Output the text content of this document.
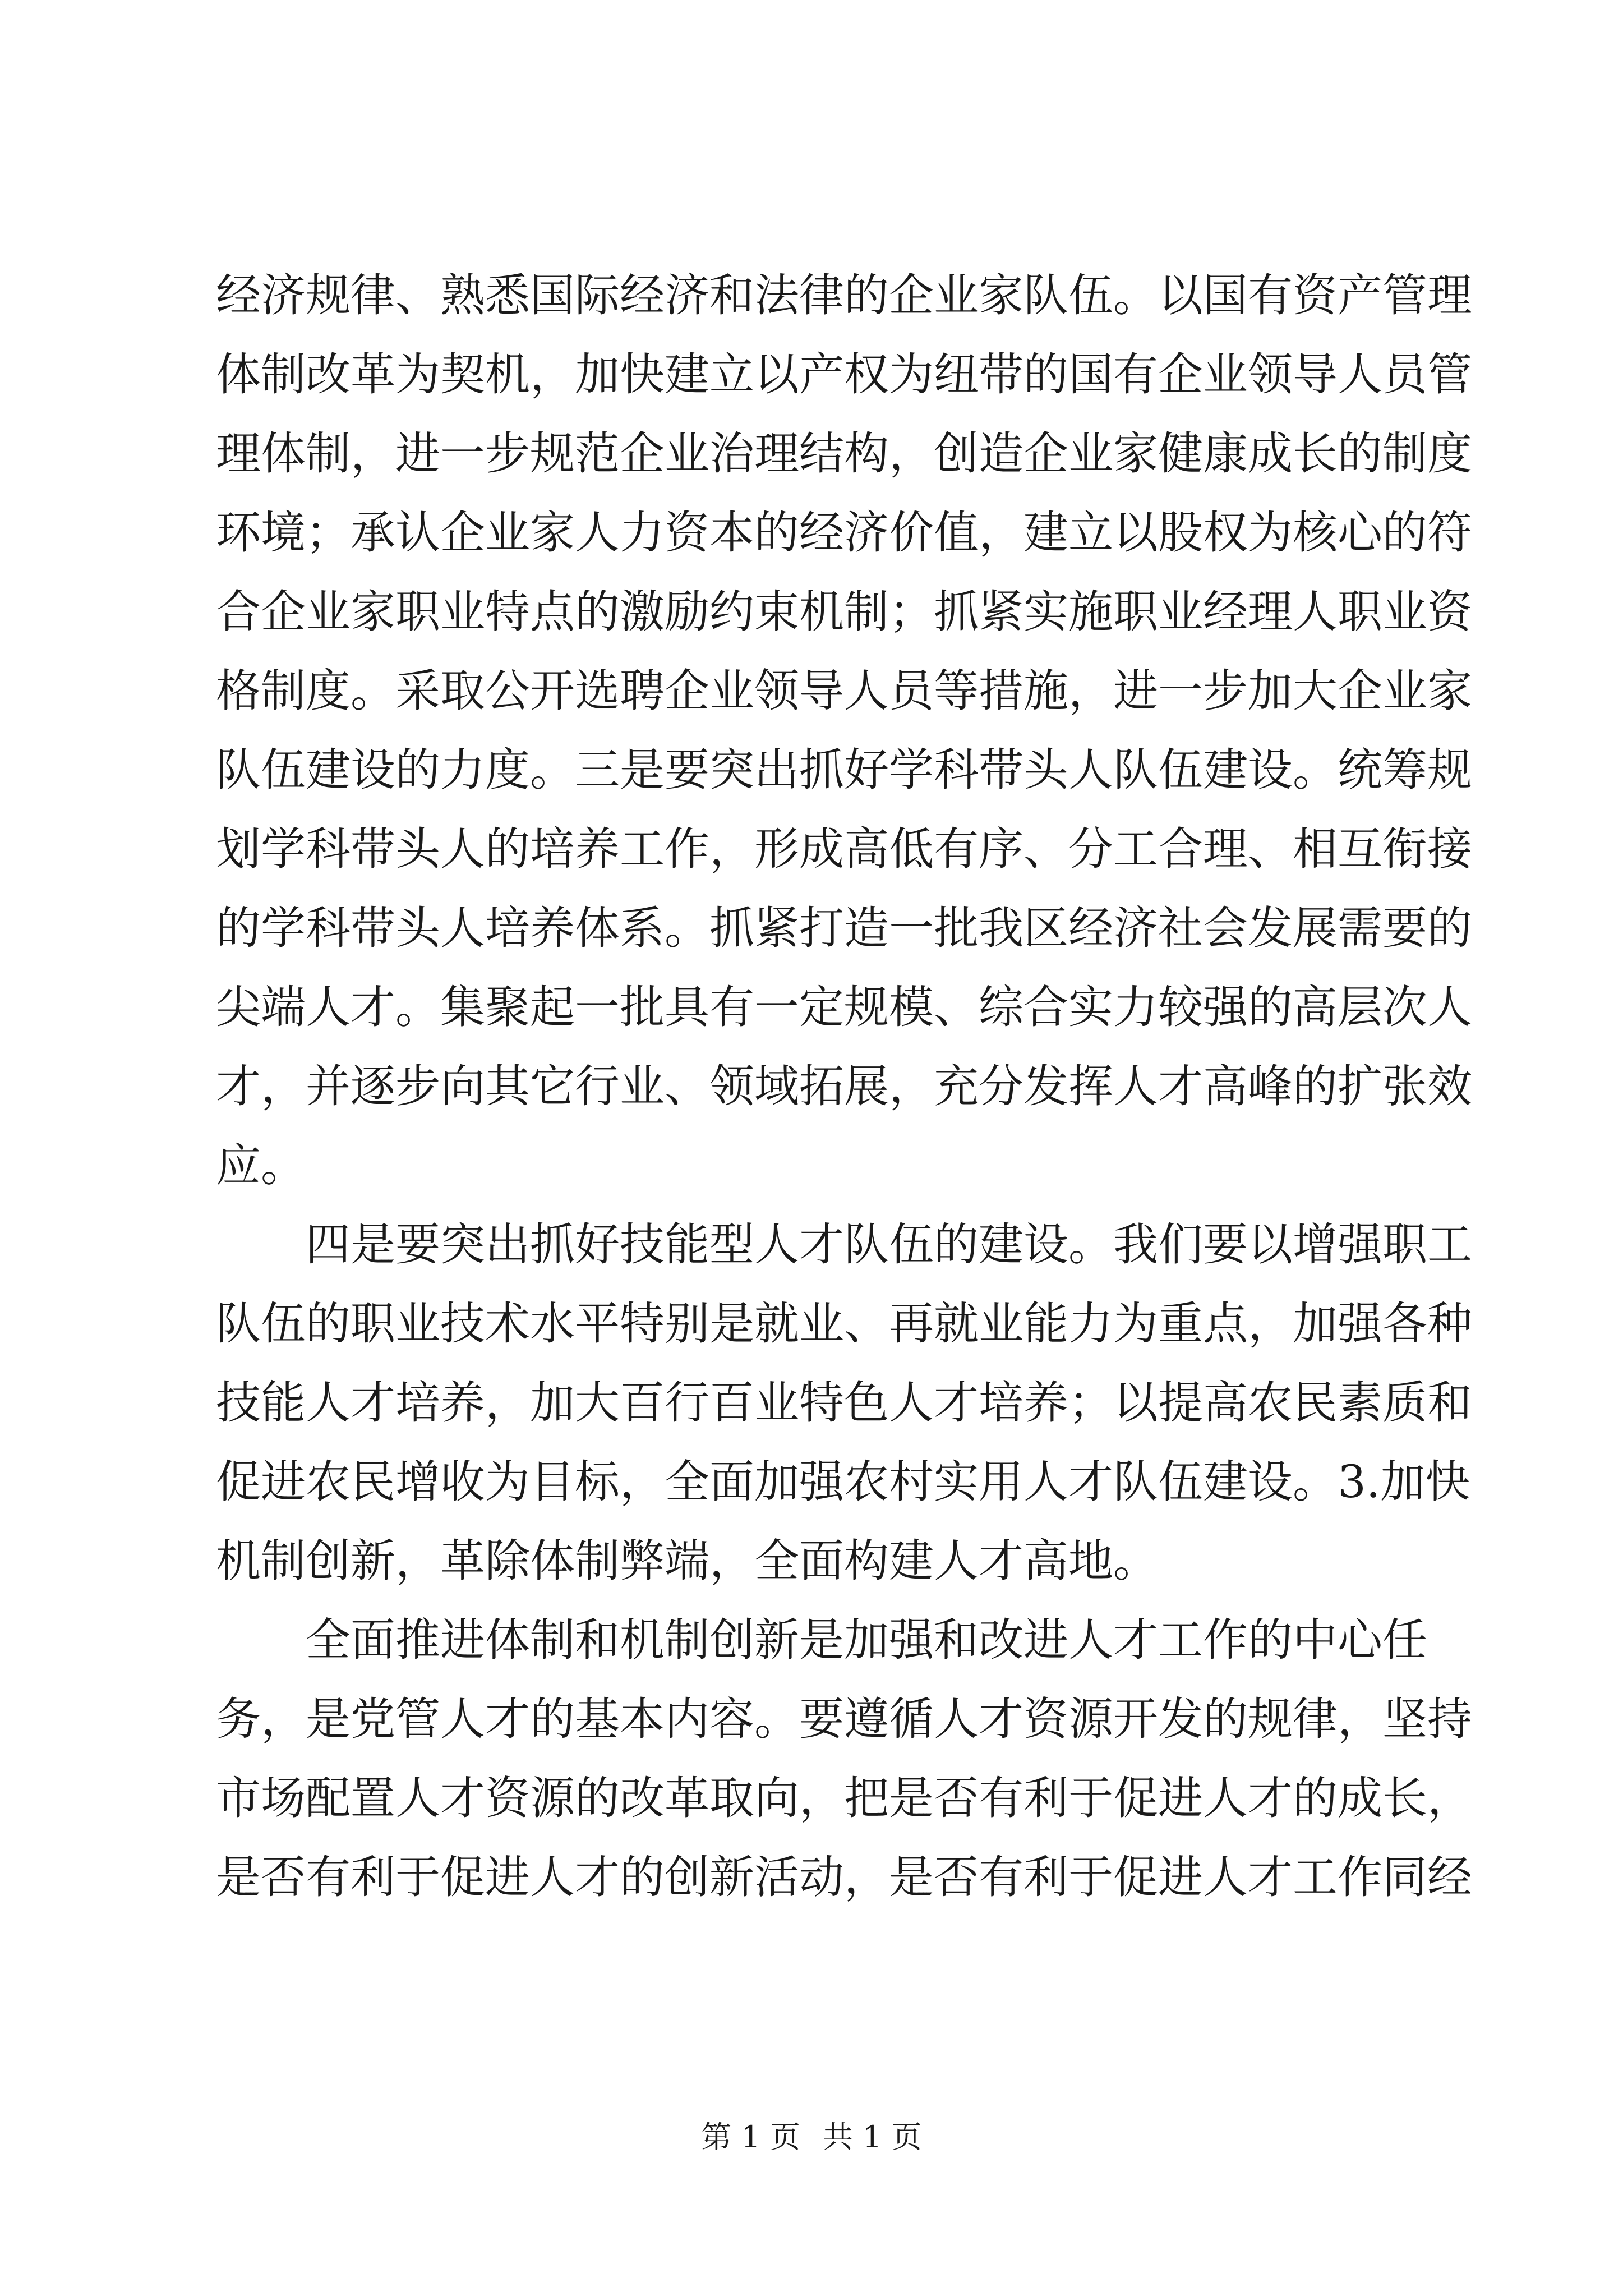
经济规律、熟悉国际经济和法律的企业家队伍。以国有资产管理
体制改革为契机，加快建立以产权为纽带的国有企业领导人员管
理体制，进一步规范企业治理结构，创造企业家健康成长的制度
环境；承认企业家人力资本的经济价值，建立以股权为核心的符
合企业家职业特点的激励约束机制；抓紧实施职业经理人职业资
格制度。采取公开选聘企业领导人员等措施，进一步加大企业家
队伍建设的力度。三是要突出抓好学科带头人队伍建设。统筹规
划学科带头人的培养工作，形成高低有序、分工合理、相互衔接
的学科带头人培养体系。抓紧打造一批我区经济社会发展需要的
尖端人才。集聚起一批具有一定规模、综合实力较强的高层次人
才，并逐步向其它行业、领域拓展，充分发挥人才高峰的扩张效
应。
四是要突出抓好技能型人才队伍的建设。我们要以增强职工
队伍的职业技术水平特别是就业、再就业能力为重点，加强各种
技能人才培养，加大百行百业特色人才培养；以提高农民素质和
促进农民增收为目标，全面加强农村实用人才队伍建设。3.加快
机制创新，革除体制弊端，全面构建人才高地。
全面推进体制和机制创新是加强和改进人才工作的中心任
务，是党管人才的基本内容。要遵循人才资源开发的规律，坚持
市场配置人才资源的改革取向，把是否有利于促进人才的成长，
是否有利于促进人才的创新活动，是否有利于促进人才工作同经
第 1 页 共 1 页
